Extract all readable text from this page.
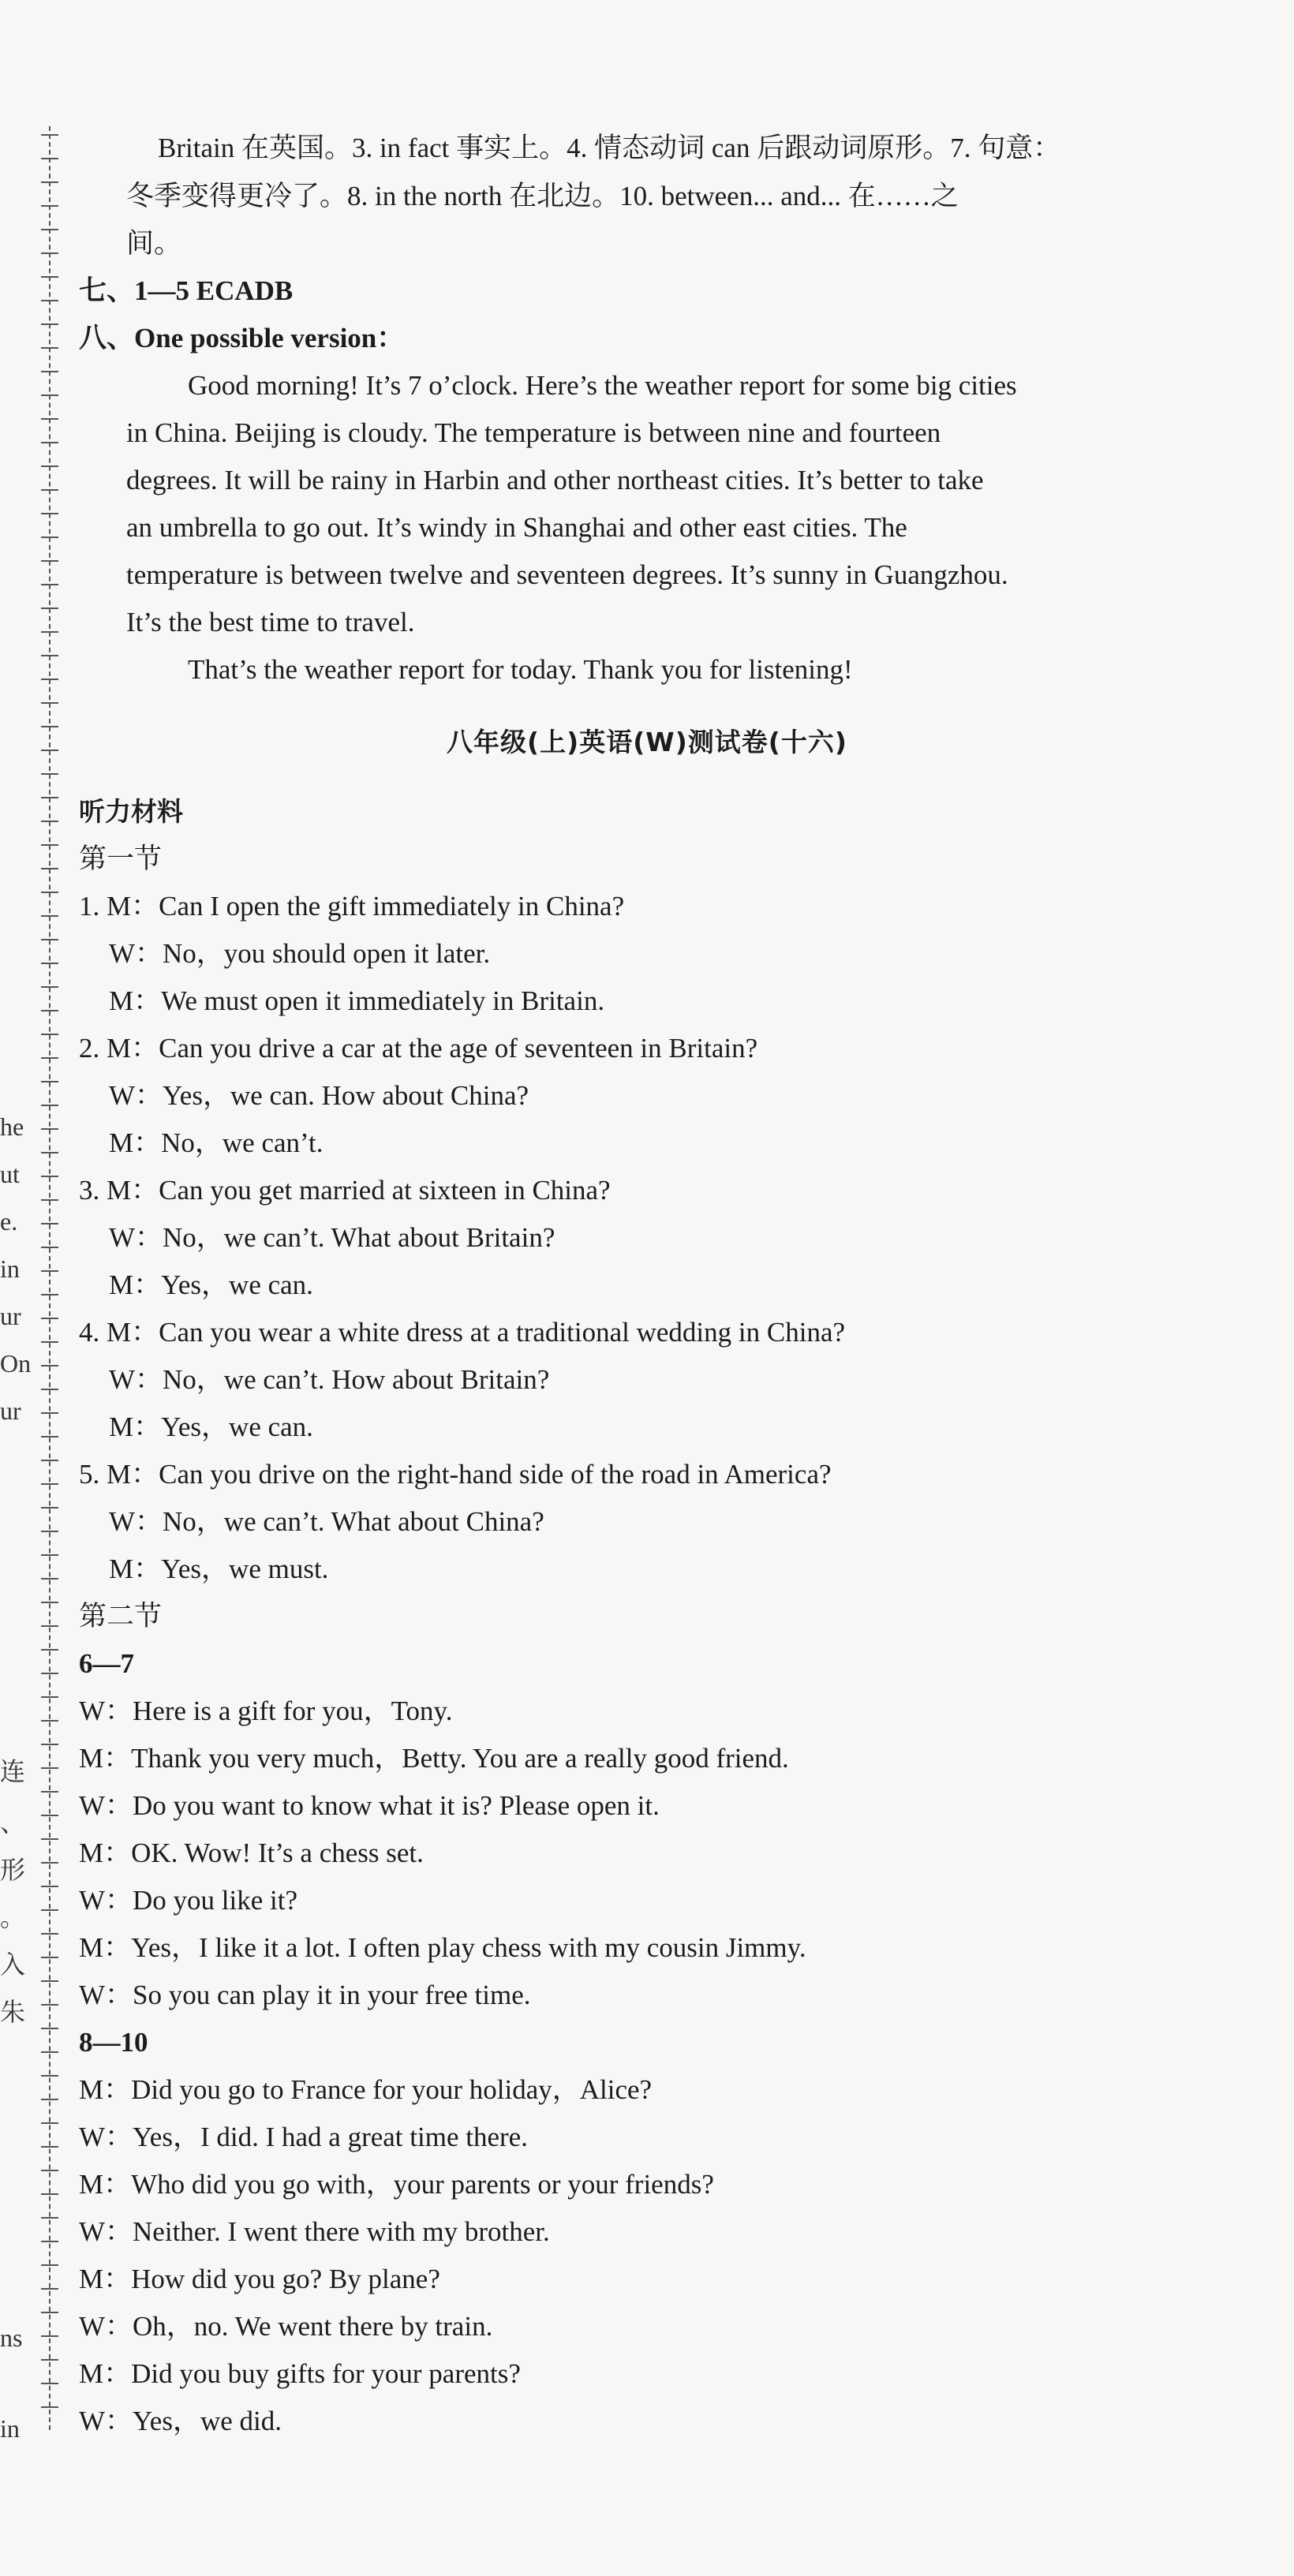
he
ut
e.
in
ur
On
ur
连
、
形
。
入
朱
ns
in
Britain 在英国。3. in fact 事实上。4. 情态动词 can 后跟动词原形。7. 句意：
冬季变得更冷了。8. in the north 在北边。10. between... and... 在……之
间。
七、1—5 ECADB
八、One possible version：
Good morning! It’s 7 o’clock. Here’s the weather report for some big cities
in China. Beijing is cloudy. The temperature is between nine and fourteen
degrees. It will be rainy in Harbin and other northeast cities. It’s better to take
an umbrella to go out. It’s windy in Shanghai and other east cities. The
temperature is between twelve and seventeen degrees. It’s sunny in Guangzhou.
It’s the best time to travel.
That’s the weather report for today. Thank you for listening!
八年级(上)英语(W)测试卷(十六)
听力材料
第一节
1. M：Can I open the gift immediately in China?
W：No，you should open it later.
M：We must open it immediately in Britain.
2. M：Can you drive a car at the age of seventeen in Britain?
W：Yes，we can. How about China?
M：No，we can’t.
3. M：Can you get married at sixteen in China?
W：No，we can’t. What about Britain?
M：Yes，we can.
4. M：Can you wear a white dress at a traditional wedding in China?
W：No，we can’t. How about Britain?
M：Yes，we can.
5. M：Can you drive on the right-hand side of the road in America?
W：No，we can’t. What about China?
M：Yes，we must.
第二节
6—7
W：Here is a gift for you，Tony.
M：Thank you very much，Betty. You are a really good friend.
W：Do you want to know what it is? Please open it.
M：OK. Wow! It’s a chess set.
W：Do you like it?
M：Yes，I like it a lot. I often play chess with my cousin Jimmy.
W：So you can play it in your free time.
8—10
M：Did you go to France for your holiday，Alice?
W：Yes，I did. I had a great time there.
M：Who did you go with，your parents or your friends?
W：Neither. I went there with my brother.
M：How did you go? By plane?
W：Oh，no. We went there by train.
M：Did you buy gifts for your parents?
W：Yes，we did.
